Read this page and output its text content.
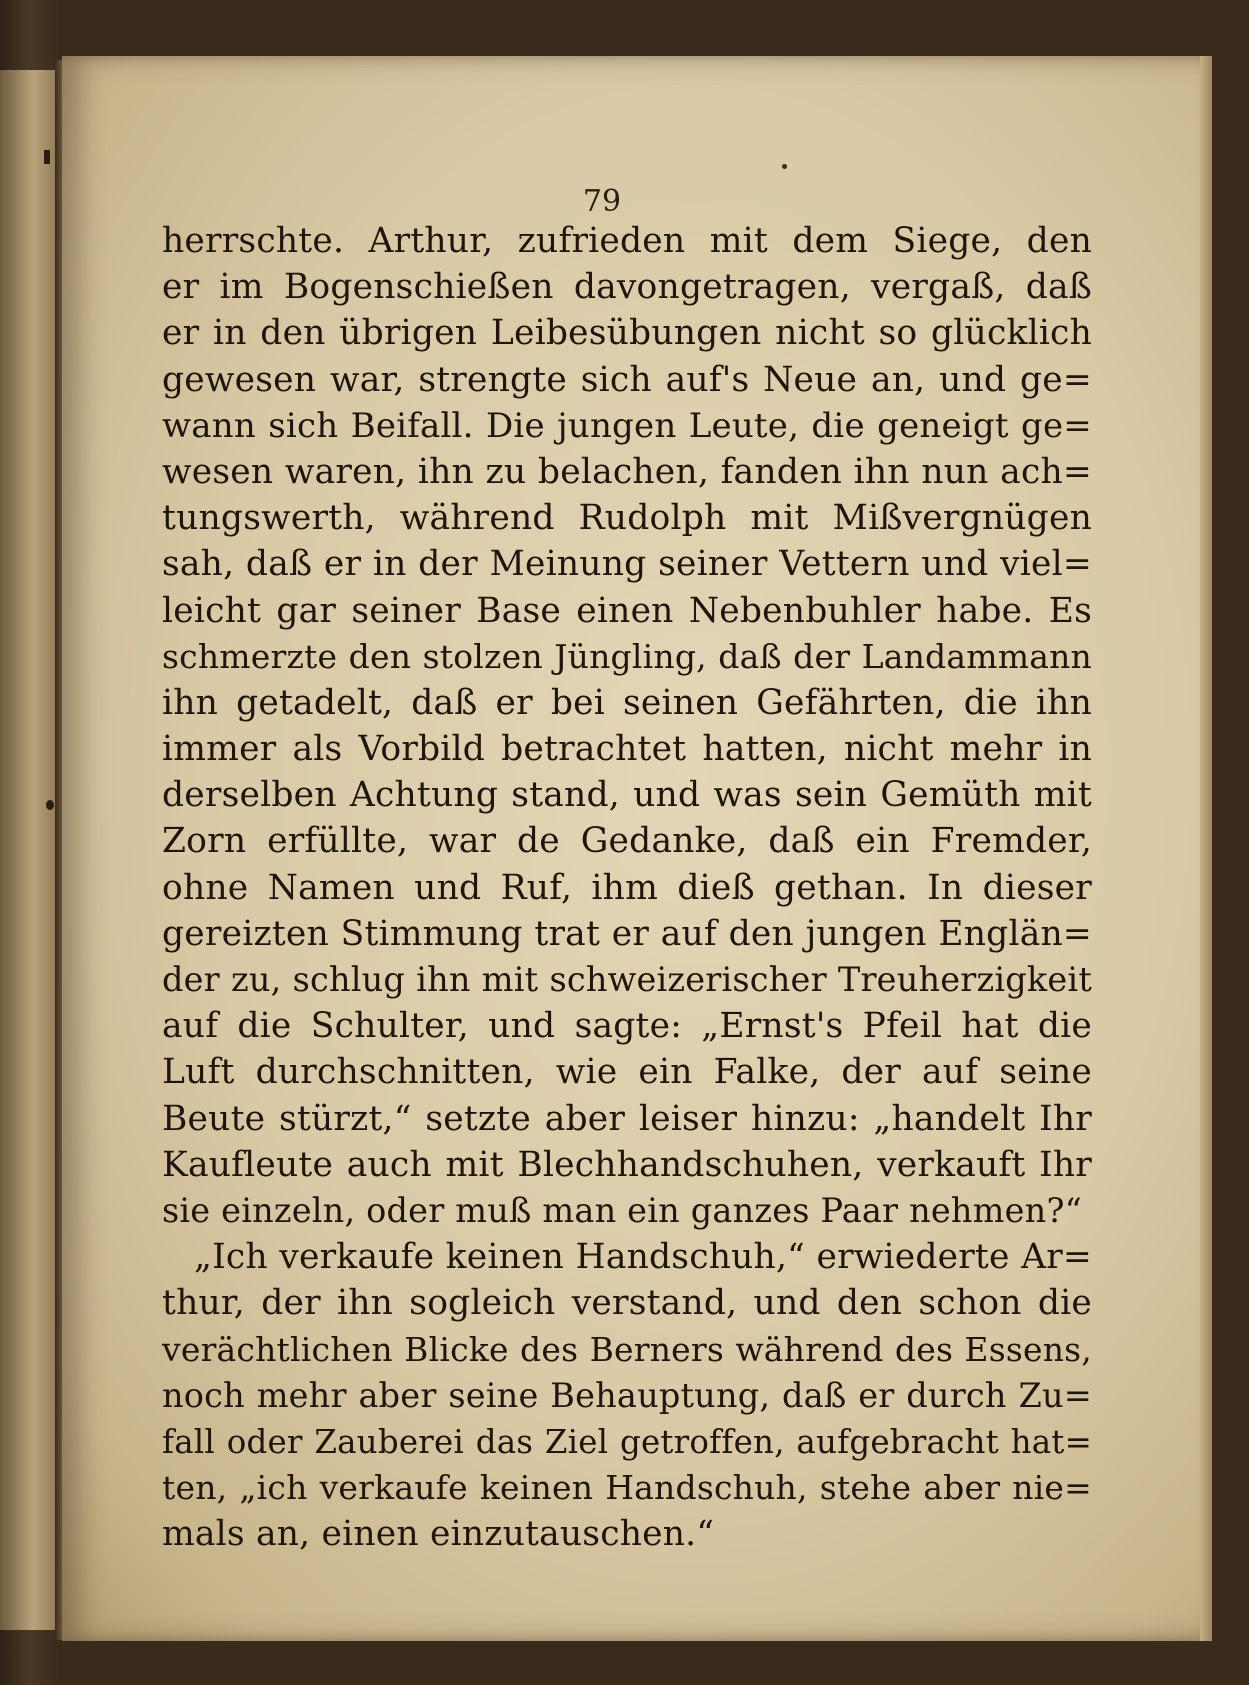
79
herrschte. Arthur, zufrieden mit dem Siege, den
er im Bogenschießen davongetragen, vergaß, daß
er in den übrigen Leibesübungen nicht so glücklich
gewesen war, strengte sich auf's Neue an, und ge=
wann sich Beifall. Die jungen Leute, die geneigt ge=
wesen waren, ihn zu belachen, fanden ihn nun ach=
tungswerth, während Rudolph mit Mißvergnügen
sah, daß er in der Meinung seiner Vettern und viel=
leicht gar seiner Base einen Nebenbuhler habe. Es
schmerzte den stolzen Jüngling, daß der Landammann
ihn getadelt, daß er bei seinen Gefährten, die ihn
immer als Vorbild betrachtet hatten, nicht mehr in
derselben Achtung stand, und was sein Gemüth mit
Zorn erfüllte, war de Gedanke, daß ein Fremder,
ohne Namen und Ruf, ihm dieß gethan. In dieser
gereizten Stimmung trat er auf den jungen Englän=
der zu, schlug ihn mit schweizerischer Treuherzigkeit
auf die Schulter, und sagte: „Ernst's Pfeil hat die
Luft durchschnitten, wie ein Falke, der auf seine
Beute stürzt,“ setzte aber leiser hinzu: „handelt Ihr
Kaufleute auch mit Blechhandschuhen, verkauft Ihr
sie einzeln, oder muß man ein ganzes Paar nehmen?“
„Ich verkaufe keinen Handschuh,“ erwiederte Ar=
thur, der ihn sogleich verstand, und den schon die
verächtlichen Blicke des Berners während des Essens,
noch mehr aber seine Behauptung, daß er durch Zu=
fall oder Zauberei das Ziel getroffen, aufgebracht hat=
ten, „ich verkaufe keinen Handschuh, stehe aber nie=
mals an, einen einzutauschen.“
